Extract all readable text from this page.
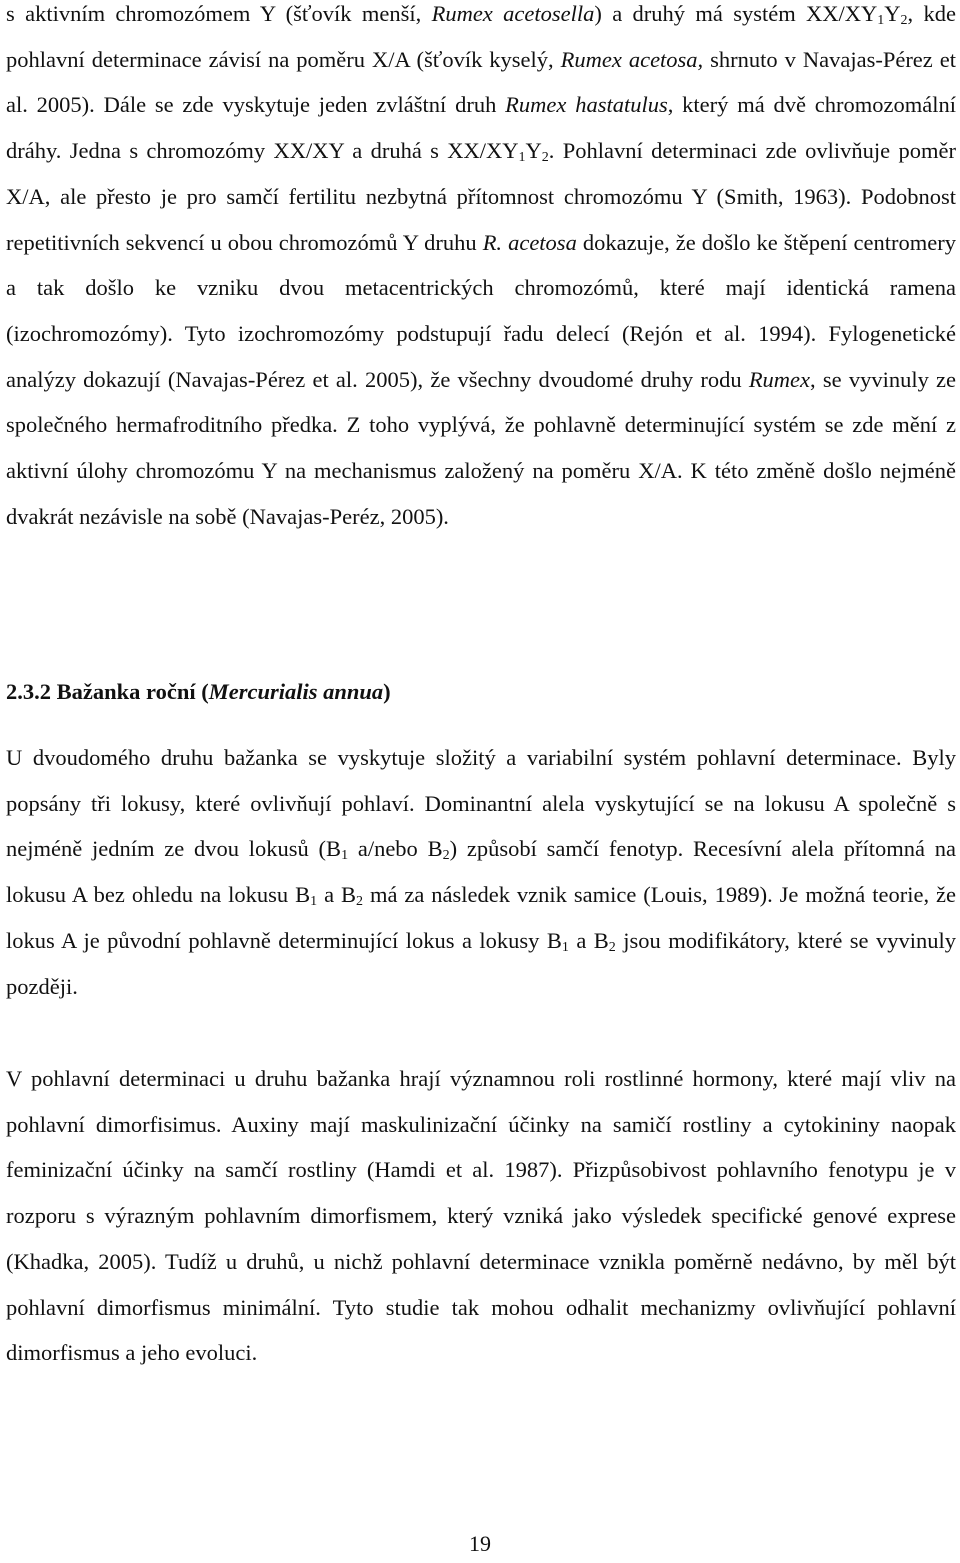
s aktivním chromozómem Y (šťovík menší, Rumex acetosella) a druhý má systém $XX/XY_1Y_2$, kde pohlavní determinace závisí na poměru X/A (šťovík kyselý, Rumex acetosa, shrnuto v Navajas-Pérez et al. 2005). Dále se zde vyskytuje jeden zvláštní druh Rumex hastatulus, který má dvě chromozomální dráhy. Jedna s chromozómy XX/XY a druhá s $XX/XY_1Y_2$. Pohlavní determinaci zde ovlivňuje poměr X/A, ale přesto je pro samčí fertilitu nezbytná přítomnost chromozómu Y (Smith, 1963). Podobnost repetitivních sekvencí u obou chromozómů Y druhu R. acetosa dokazuje, že došlo ke štěpení centromery a tak došlo ke vzniku dvou metacentrických chromozómů, které mají identická ramena (izochromozómy). Tyto izochromozómy podstupují řadu delecí (Rejón et al. 1994). Fylogenetické analýzy dokazují (Navajas-Pérez et al. 2005), že všechny dvoudomé druhy rodu Rumex, se vyvinuly ze společného hermafroditního předka. Z toho vyplývá, že pohlavně determinující systém se zde mění z aktivní úlohy chromozómu Y na mechanismus založený na poměru X/A. K této změně došlo nejméně dvakrát nezávisle na sobě (Navajas-Peréz, 2005).

2.3.2 Bažanka roční (Mercurialis annua)

U dvoudomého druhu bažanka se vyskytuje složitý a variabilní systém pohlavní determinace. Byly popsány tři lokusy, které ovlivňují pohlaví. Dominantní alela vyskytující se na lokusu A společně s nejméně jedním ze dvou lokusů ($B_1$ a/nebo $B_2$) způsobí samčí fenotyp. Recesívní alela přítomná na lokusu A bez ohledu na lokusu $B_1$ a $B_2$ má za následek vznik samice (Louis, 1989). Je možná teorie, že lokus A je původní pohlavně determinující lokus a lokusy $B_1$ a $B_2$ jsou modifikátory, které se vyvinuly později.

V pohlavní determinaci u druhu bažanka hrají významnou roli rostlinné hormony, které mají vliv na pohlavní dimorfisimus. Auxiny mají maskulinizační účinky na samičí rostliny a cytokininy naopak feminizační účinky na samčí rostliny (Hamdi et al. 1987). Přizpůsobivost pohlavního fenotypu je v rozporu s výrazným pohlavním dimorfismem, který vzniká jako výsledek specifické genové exprese (Khadka, 2005). Tudíž u druhů, u nichž pohlavní determinace vznikla poměrně nedávno, by měl být pohlavní dimorfismus minimální. Tyto studie tak mohou odhalit mechanizmy ovlivňující pohlavní dimorfismus a jeho evoluci.

19
